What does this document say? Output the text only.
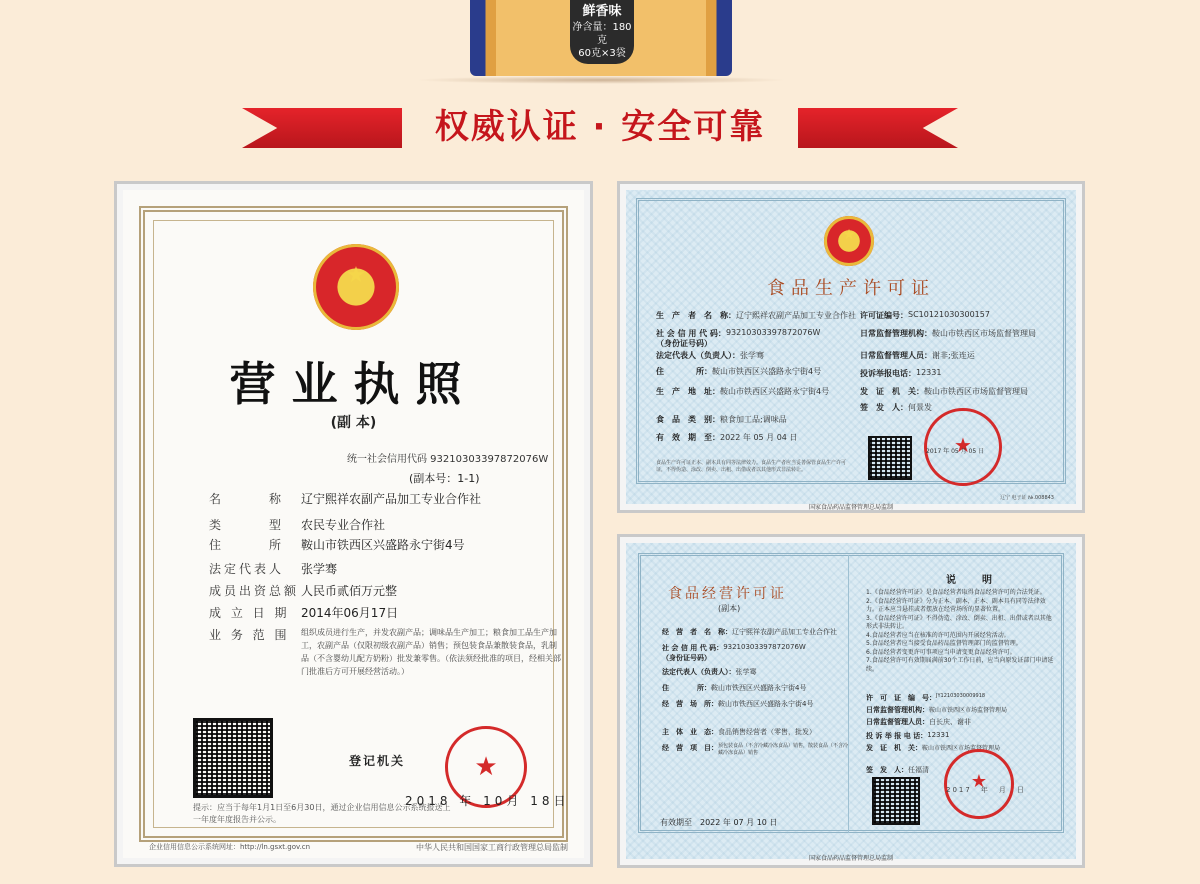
鲜香味
净含量：180克
60克×3袋
权威认证 · 安全可靠
★
营业执照
(副 本)
统一社会信用代码 93210303397872076W
(副本号：1-1)
名　　　称	辽宁熙祥农副产品加工专业合作社
类　　　型	农民专业合作社
住　　　所	鞍山市铁西区兴盛路永宁街4号
法定代表人	张学骞
成员出资总额 人民币贰佰万元整
成 立 日 期 2014年06月17日
业 务 范 围	组织成员进行生产，并发农副产品；调味品生产加工；粮食加工品生产加工，农副产品（仅限初级农副产品）销售；预包装食品兼散装食品，乳制品（不含婴幼儿配方奶粉）批发兼零售。（依法须经批准的项目，经相关部门批准后方可开展经营活动。）
登记机关
★
2018 年 10月 18日
提示：应当于每年1月1日至6月30日，通过企业信用信息公示系统报送上一年度年度报告并公示。
企业信用信息公示系统网址：http://ln.gsxt.gov.cn	中华人民共和国国家工商行政管理总局监制
★
食品生产许可证
生　产　者　名　称： 辽宁熙祥农副产品加工专业合作社
社 会 信 用 代 码： 93210303397872076W
（身份证号码）
法定代表人（负责人）： 张学骞
住　　　　所： 鞍山市铁西区兴盛路永宁街4号
生　产　地　址： 鞍山市铁西区兴盛路永宁街4号
食　品　类　别： 粮食加工品;调味品
有　效　期　至： 2022 年 05 月 04 日
许可证编号： SC10121030300157
日常监督管理机构： 鞍山市铁西区市场监督管理局
日常监督管理人员： 谢非;张连运
投诉举报电话： 12331
发　证　机　关： 鞍山市铁西区市场监督管理局
签　发　人： 何景发
★
2017 年 05 月 05 日
食品生产许可证正本、副本具有同等法律效力。食品生产者应当妥善保管食品生产许可证，不得伪造、涂改、倒卖、出租、出借或者以其他形式非法转让。
辽宁 电子证 №.008843
国家食品药品监督管理总局监制
食品经营许可证
(副本)
经　营　者　名　称： 辽宁熙祥农副产品加工专业合作社
社 会 信 用 代 码： 93210303397872076W
（身份证号码）
法定代表人（负责人）： 张学骞
住　　　　所： 鞍山市铁西区兴盛路永宁街4号
经　营　场　所： 鞍山市铁西区兴盛路永宁街4号
主　体　业　态： 食品销售经营者（零售，批发）
经　营　项　目： 预包装食品（不含冷藏冷冻食品）销售，散装食品（不含冷藏冷冻食品）销售
说　明
1.《食品经营许可证》是食品经营者取得食品经营许可的合法凭证。
2.《食品经营许可证》分为正本、副本，正本、副本具有同等法律效力。正本应当悬挂或者摆放在经营场所的显著位置。
3.《食品经营许可证》不得伪造、涂改、倒卖、出租、出借或者以其他形式非法转让。
4.食品经营者应当在核准的许可范围内开展经营活动。
5.食品经营者应当接受食品药品监督管理部门的监督管理。
6.食品经营者变更许可事项应当申请变更食品经营许可。
7.食品经营许可有效期届满前30个工作日前，应当向原发证部门申请延续。
许　可　证　编　号： JY12103030009918
日常监督管理机构： 鞍山市铁西区市场监督管理局
日常监督管理人员： 白长庆、谢非
投 诉 举 报 电 话： 12331
发　证　机　关： 鞍山市铁西区市场监督管理局
签　发　人： 任福清
★
2017　年　月　日
有效期至　2022 年 07 月 10 日
国家食品药品监督管理总局监制
